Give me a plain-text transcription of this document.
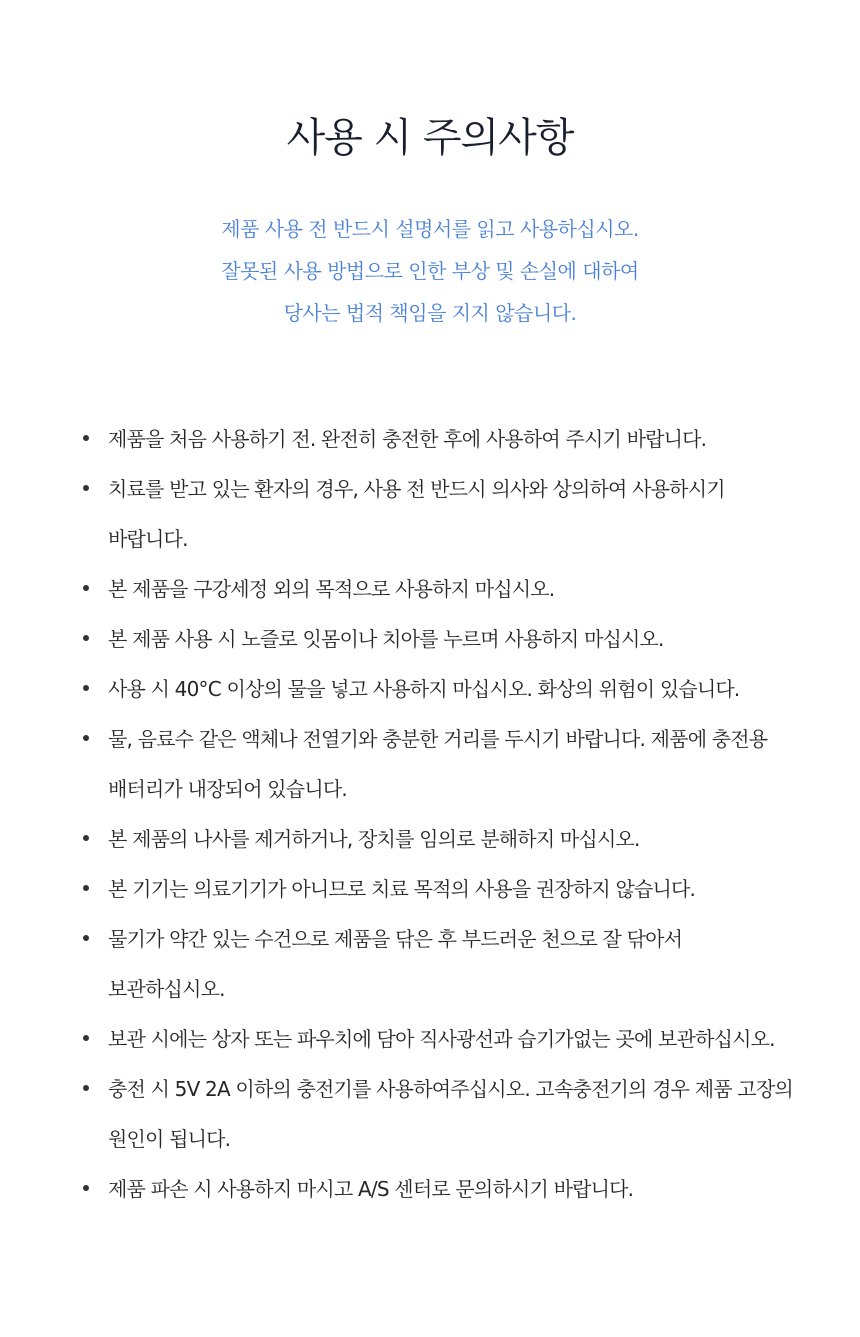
사용 시 주의사항
제품 사용 전 반드시 설명서를 읽고 사용하십시오.
잘못된 사용 방법으로 인한 부상 및 손실에 대하여
당사는 법적 책임을 지지 않습니다.
제품을 처음 사용하기 전. 완전히 충전한 후에 사용하여 주시기 바랍니다.
치료를 받고 있는 환자의 경우, 사용 전 반드시 의사와 상의하여 사용하시기 바랍니다.
본 제품을 구강세정 외의 목적으로 사용하지 마십시오.
본 제품 사용 시 노즐로 잇몸이나 치아를 누르며 사용하지 마십시오.
사용 시 40°C 이상의 물을 넣고 사용하지 마십시오. 화상의 위험이 있습니다.
물, 음료수 같은 액체나 전열기와 충분한 거리를 두시기 바랍니다. 제품에 충전용 배터리가 내장되어 있습니다.
본 제품의 나사를 제거하거나, 장치를 임의로 분해하지 마십시오.
본 기기는 의료기기가 아니므로 치료 목적의 사용을 권장하지 않습니다.
물기가 약간 있는 수건으로 제품을 닦은 후 부드러운 천으로 잘 닦아서 보관하십시오.
보관 시에는 상자 또는 파우치에 담아 직사광선과 습기가없는 곳에 보관하십시오.
충전 시 5V 2A 이하의 충전기를 사용하여주십시오. 고속충전기의 경우 제품 고장의 원인이 됩니다.
제품 파손 시 사용하지 마시고 A/S 센터로 문의하시기 바랍니다.
